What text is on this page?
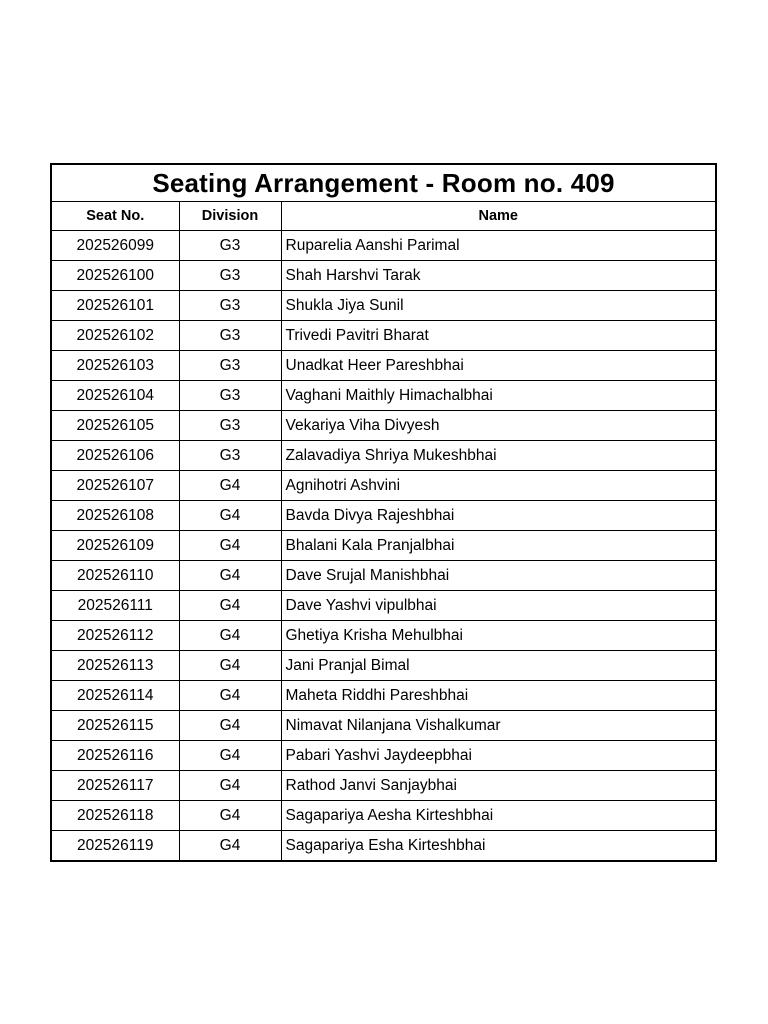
Seating Arrangement - Room no. 409		
Seat No.	Division	Name
202526099	G3	Ruparelia Aanshi Parimal
202526100	G3	Shah Harshvi Tarak
202526101	G3	Shukla Jiya Sunil
202526102	G3	Trivedi Pavitri Bharat
202526103	G3	Unadkat Heer Pareshbhai
202526104	G3	Vaghani Maithly Himachalbhai
202526105	G3	Vekariya Viha Divyesh
202526106	G3	Zalavadiya Shriya Mukeshbhai
202526107	G4	Agnihotri Ashvini
202526108	G4	Bavda Divya Rajeshbhai
202526109	G4	Bhalani Kala Pranjalbhai
202526110	G4	Dave Srujal Manishbhai
202526111	G4	Dave Yashvi vipulbhai
202526112	G4	Ghetiya Krisha Mehulbhai
202526113	G4	Jani Pranjal Bimal
202526114	G4	Maheta Riddhi Pareshbhai
202526115	G4	Nimavat Nilanjana Vishalkumar
202526116	G4	Pabari Yashvi Jaydeepbhai
202526117	G4	Rathod Janvi Sanjaybhai
202526118	G4	Sagapariya Aesha Kirteshbhai
202526119	G4	Sagapariya Esha Kirteshbhai
